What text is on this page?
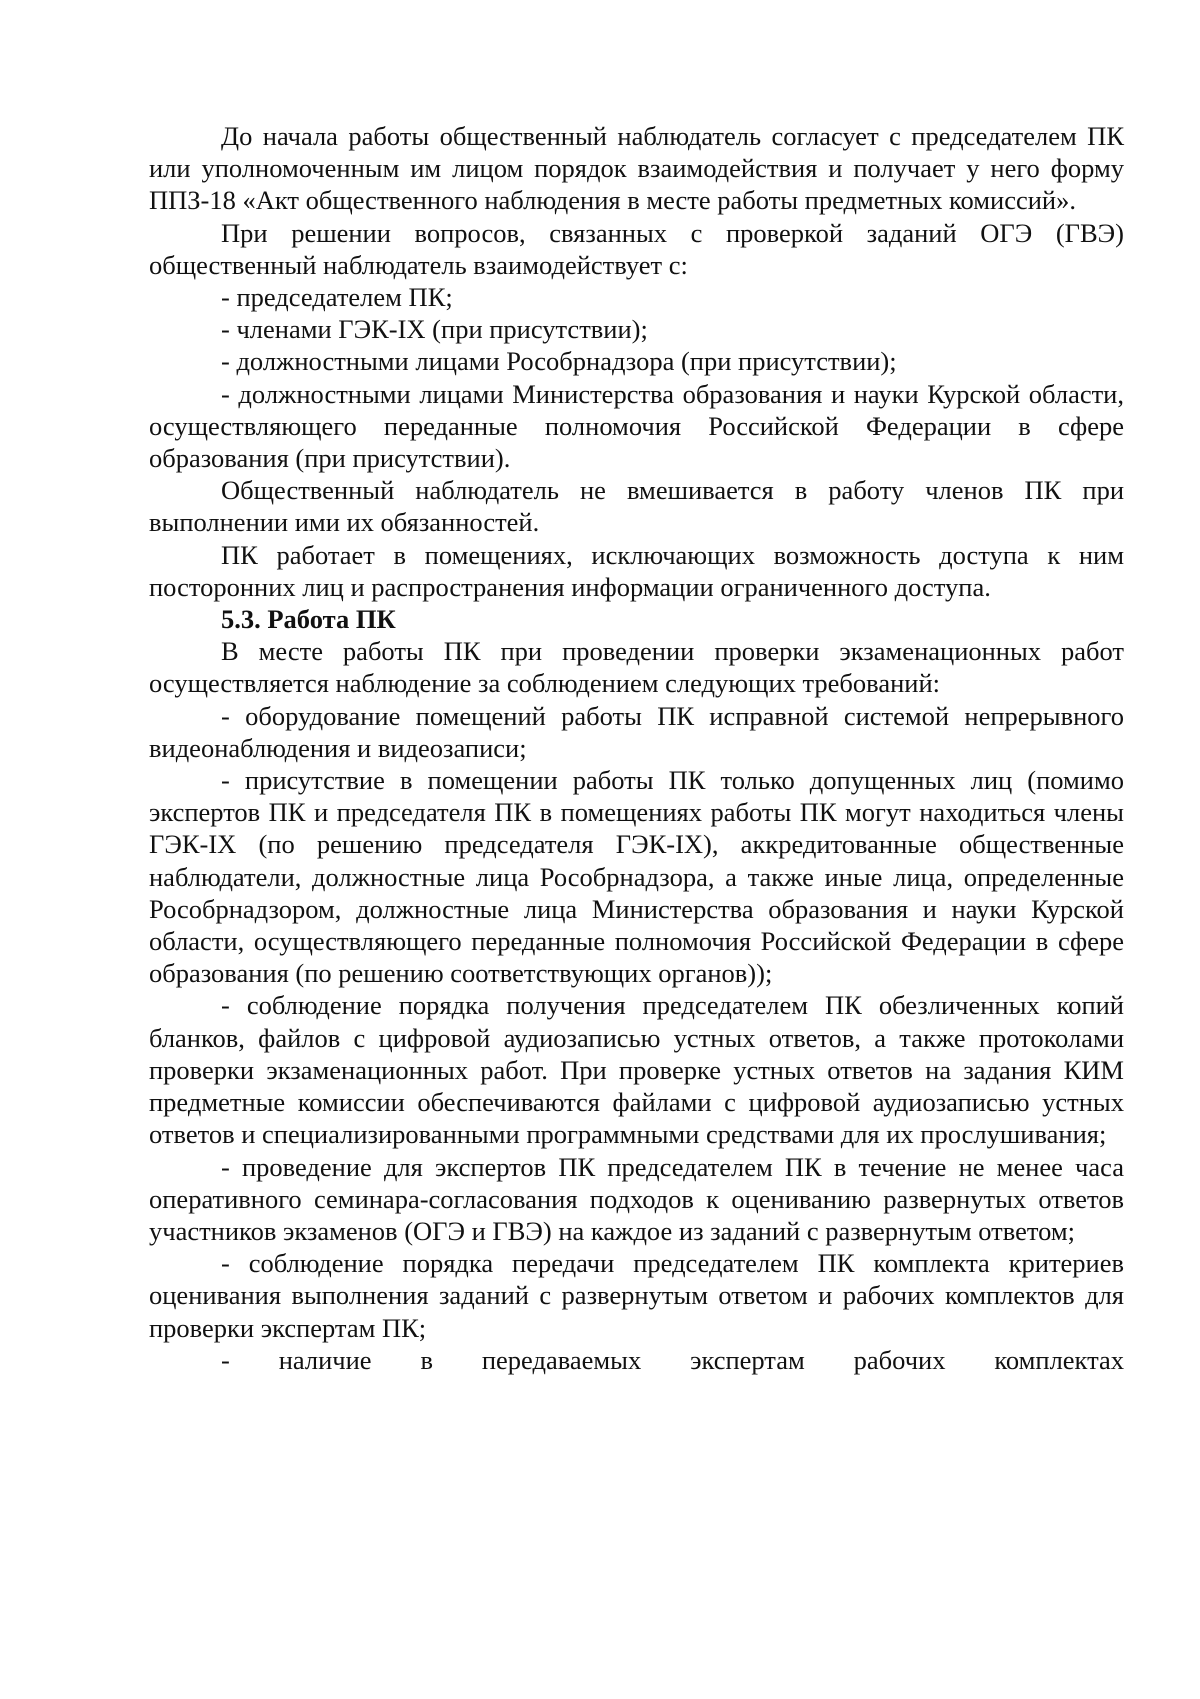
До начала работы общественный наблюдатель согласует с председателем ПК или уполномоченным им лицом порядок взаимодействия и получает у него форму ППЗ-18 «Акт общественного наблюдения в месте работы предметных комиссий».

При решении вопросов, связанных с проверкой заданий ОГЭ (ГВЭ) общественный наблюдатель взаимодействует с:

- председателем ПК;

- членами ГЭК-IX (при присутствии);

- должностными лицами Рособрнадзора (при присутствии);

- должностными лицами Министерства образования и науки Курской области, осуществляющего переданные полномочия Российской Федерации в сфере образования (при присутствии).

Общественный наблюдатель не вмешивается в работу членов ПК при выполнении ими их обязанностей.

ПК работает в помещениях, исключающих возможность доступа к ним посторонних лиц и распространения информации ограниченного доступа.

5.3. Работа ПК

В месте работы ПК при проведении проверки экзаменационных работ осуществляется наблюдение за соблюдением следующих требований:

- оборудование помещений работы ПК исправной системой непрерывного видеонаблюдения и видеозаписи;

- присутствие в помещении работы ПК только допущенных лиц (помимо экспертов ПК и председателя ПК в помещениях работы ПК могут находиться члены ГЭК-IX (по решению председателя ГЭК-IX), аккредитованные общественные наблюдатели, должностные лица Рособрнадзора, а также иные лица, определенные Рособрнадзором, должностные лица Министерства образования и науки Курской области, осуществляющего переданные полномочия Российской Федерации в сфере образования (по решению соответствующих органов));

- соблюдение порядка получения председателем ПК обезличенных копий бланков, файлов с цифровой аудиозаписью устных ответов, а также протоколами проверки экзаменационных работ. При проверке устных ответов на задания КИМ предметные комиссии обеспечиваются файлами с цифровой аудиозаписью устных ответов и специализированными программными средствами для их прослушивания;

- проведение для экспертов ПК председателем ПК в течение не менее часа оперативного семинара-согласования подходов к оцениванию развернутых ответов участников экзаменов (ОГЭ и ГВЭ) на каждое из заданий с развернутым ответом;

- соблюдение порядка передачи председателем ПК комплекта критериев оценивания выполнения заданий с развернутым ответом и рабочих комплектов для проверки экспертам ПК;

- наличие в передаваемых экспертам рабочих комплектах
